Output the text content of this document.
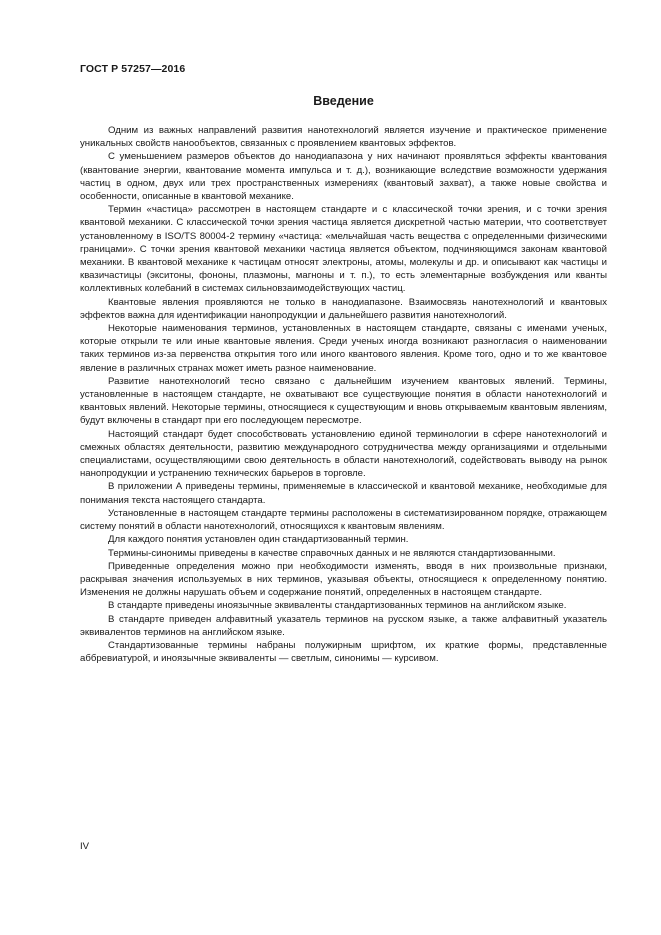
ГОСТ Р 57257—2016
Введение

Одним из важных направлений развития нанотехнологий является изучение и практическое применение уникальных свойств нанообъектов, связанных с проявлением квантовых эффектов.

С уменьшением размеров объектов до нанодиапазона у них начинают проявляться эффекты квантования (квантование энергии, квантование момента импульса и т. д.), возникающие вследствие возможности удержания частиц в одном, двух или трех пространственных измерениях (квантовый захват), а также новые свойства и особенности, описанные в квантовой механике.

Термин «частица» рассмотрен в настоящем стандарте и с классической точки зрения, и с точки зрения квантовой механики. С классической точки зрения частица является дискретной частью материи, что соответствует установленному в ISO/TS 80004-2 термину «частица: «мельчайшая часть вещества с определенными физическими границами». С точки зрения квантовой механики частица является объектом, подчиняющимся законам квантовой механики. В квантовой механике к частицам относят электроны, атомы, молекулы и др. и описывают как частицы и квазичастицы (экситоны, фононы, плазмоны, магноны и т. п.), то есть элементарные возбуждения или кванты коллективных колебаний в системах сильновзаимодействующих частиц.

Квантовые явления проявляются не только в нанодиапазоне. Взаимосвязь нанотехнологий и квантовых эффектов важна для идентификации нанопродукции и дальнейшего развития нанотехнологий.

Некоторые наименования терминов, установленных в настоящем стандарте, связаны с именами ученых, которые открыли те или иные квантовые явления. Среди ученых иногда возникают разногласия о наименовании таких терминов из-за первенства открытия того или иного квантового явления. Кроме того, одно и то же квантовое явление в различных странах может иметь разное наименование.

Развитие нанотехнологий тесно связано с дальнейшим изучением квантовых явлений. Термины, установленные в настоящем стандарте, не охватывают все существующие понятия в области нанотехнологий и квантовых явлений. Некоторые термины, относящиеся к существующим и вновь открываемым квантовым явлениям, будут включены в стандарт при его последующем пересмотре.

Настоящий стандарт будет способствовать установлению единой терминологии в сфере нанотехнологий и смежных областях деятельности, развитию международного сотрудничества между организациями и отдельными специалистами, осуществляющими свою деятельность в области нанотехнологий, содействовать выводу на рынок нанопродукции и устранению технических барьеров в торговле.

В приложении А приведены термины, применяемые в классической и квантовой механике, необходимые для понимания текста настоящего стандарта.

Установленные в настоящем стандарте термины расположены в систематизированном порядке, отражающем систему понятий в области нанотехнологий, относящихся к квантовым явлениям.

Для каждого понятия установлен один стандартизованный термин.

Термины-синонимы приведены в качестве справочных данных и не являются стандартизованными.

Приведенные определения можно при необходимости изменять, вводя в них произвольные признаки, раскрывая значения используемых в них терминов, указывая объекты, относящиеся к определенному понятию. Изменения не должны нарушать объем и содержание понятий, определенных в настоящем стандарте.

В стандарте приведены иноязычные эквиваленты стандартизованных терминов на английском языке.

В стандарте приведен алфавитный указатель терминов на русском языке, а также алфавитный указатель эквивалентов терминов на английском языке.

Стандартизованные термины набраны полужирным шрифтом, их краткие формы, представленные аббревиатурой, и иноязычные эквиваленты — светлым, синонимы — курсивом.

IV
